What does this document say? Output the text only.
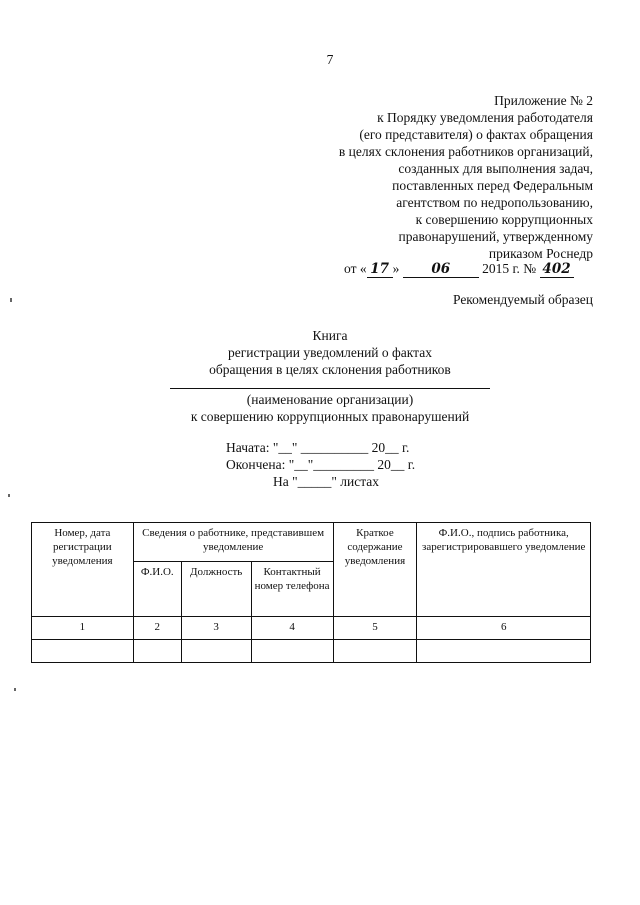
7
Приложение № 2
к Порядку уведомления работодателя
(его представителя) о фактах обращения
в целях склонения работников организаций,
созданных для выполнения задач,
поставленных перед Федеральным
агентством по недропользованию,
к совершению коррупционных
правонарушений, утвержденному
приказом Роснедр
от « 17 » 06 2015 г. № 402
Рекомендуемый образец
Книга
регистрации уведомлений о фактах
обращения в целях склонения работников
(наименование организации)
к совершению коррупционных правонарушений
Начата: "__" __________ 20__ г.
Окончена: "__"_________ 20__ г.
На "_____" листах
Номер, дата регистрации уведомления	Сведения о работнике, представившем уведомление			Краткое содержание уведомления	Ф.И.О., подпись работника, зарегистрировавшего уведомление
	Ф.И.О.	Должность	Контактный номер телефона		
1	2	3	4	5	6
